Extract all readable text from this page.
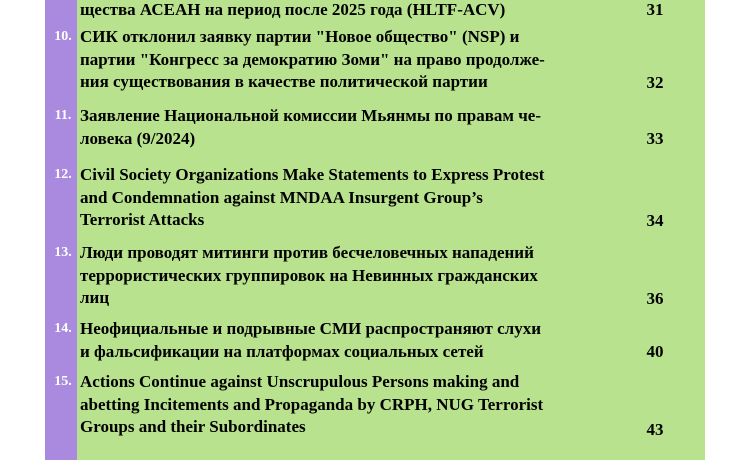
щества АСЕАН на период после 2025 года (HLTF-ACV)	31
10. СИК отклонил заявку партии "Новое общество" (NSP) и
партии "Конгресс за демократию Зоми" на право продолже-
ния существования в качестве политической партии	32
11. Заявление Национальной комиссии Мьянмы по правам че-
ловека (9/2024)	33
12. Civil Society Organizations Make Statements to Express Protest
and Condemnation against MNDAA Insurgent Group’s
Terrorist Attacks	34
13. Люди проводят митинги против бесчеловечных нападений
террористических группировок на Невинных гражданских
лиц	36
14. Неофициальные и подрывные СМИ распространяют слухи
и фальсификации на платформах социальных сетей	40
15. Actions Continue against Unscrupulous Persons making and
abetting Incitements and Propaganda by CRPH, NUG Terrorist
Groups and their Subordinates	43
